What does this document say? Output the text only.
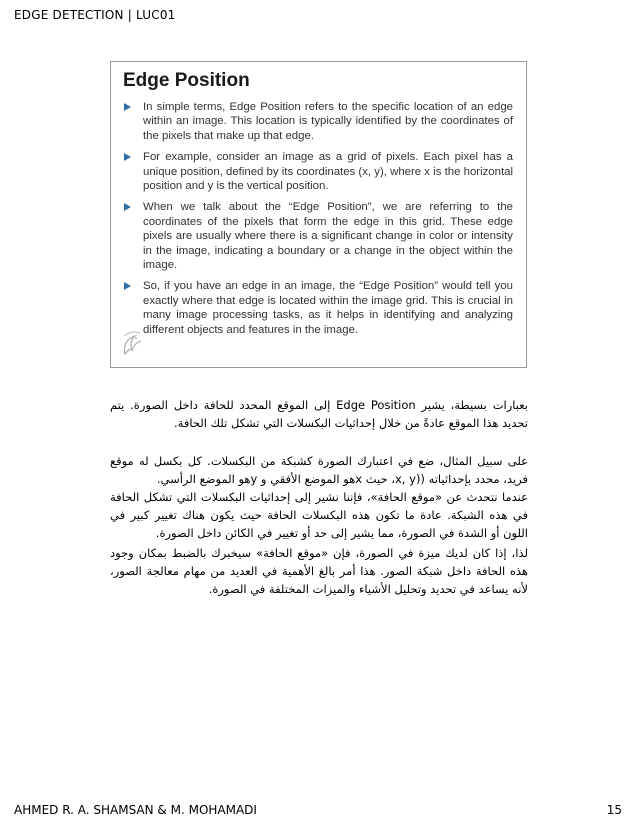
EDGE DETECTION | LUC01
Edge Position
In simple terms, Edge Position refers to the specific location of an edge within an image. This location is typically identified by the coordinates of the pixels that make up that edge.
For example, consider an image as a grid of pixels. Each pixel has a unique position, defined by its coordinates (x, y), where x is the horizontal position and y is the vertical position.
When we talk about the “Edge Position”, we are referring to the coordinates of the pixels that form the edge in this grid. These edge pixels are usually where there is a significant change in color or intensity in the image, indicating a boundary or a change in the object within the image.
So, if you have an edge in an image, the “Edge Position” would tell you exactly where that edge is located within the image grid. This is crucial in many image processing tasks, as it helps in identifying and analyzing different objects and features in the image.

بعبارات بسيطة، يشير Edge Position إلى الموقع المحدد للحافة داخل الصورة. يتم تحديد هذا الموقع عادةً من خلال إحداثيات البكسلات التي تشكل تلك الحافة.

على سبيل المثال، ضع في اعتبارك الصورة كشبكة من البكسلات. كل بكسل له موقع فريد، محدد بإحداثياته ((x, y، حيث xهو الموضع الأفقي و yهو الموضع الرأسي.

عندما نتحدث عن «موقع الحافة»، فإننا نشير إلى إحداثيات البكسلات التي تشكل الحافة في هذه الشبكة. عادة ما تكون هذه البكسلات الحافة حيث يكون هناك تغيير كبير في اللون أو الشدة في الصورة، مما يشير إلى حد أو تغيير في الكائن داخل الصورة.

لذا، إذا كان لديك ميزة في الصورة، فإن «موقع الحافة» سيخبرك بالضبط بمكان وجود هذه الحافة داخل شبكة الصور. هذا أمر بالغ الأهمية في العديد من مهام معالجة الصور، لأنه يساعد في تحديد وتحليل الأشياء والميزات المختلفة في الصورة.

AHMED R. A. SHAMSAN & M. MOHAMADI	15
